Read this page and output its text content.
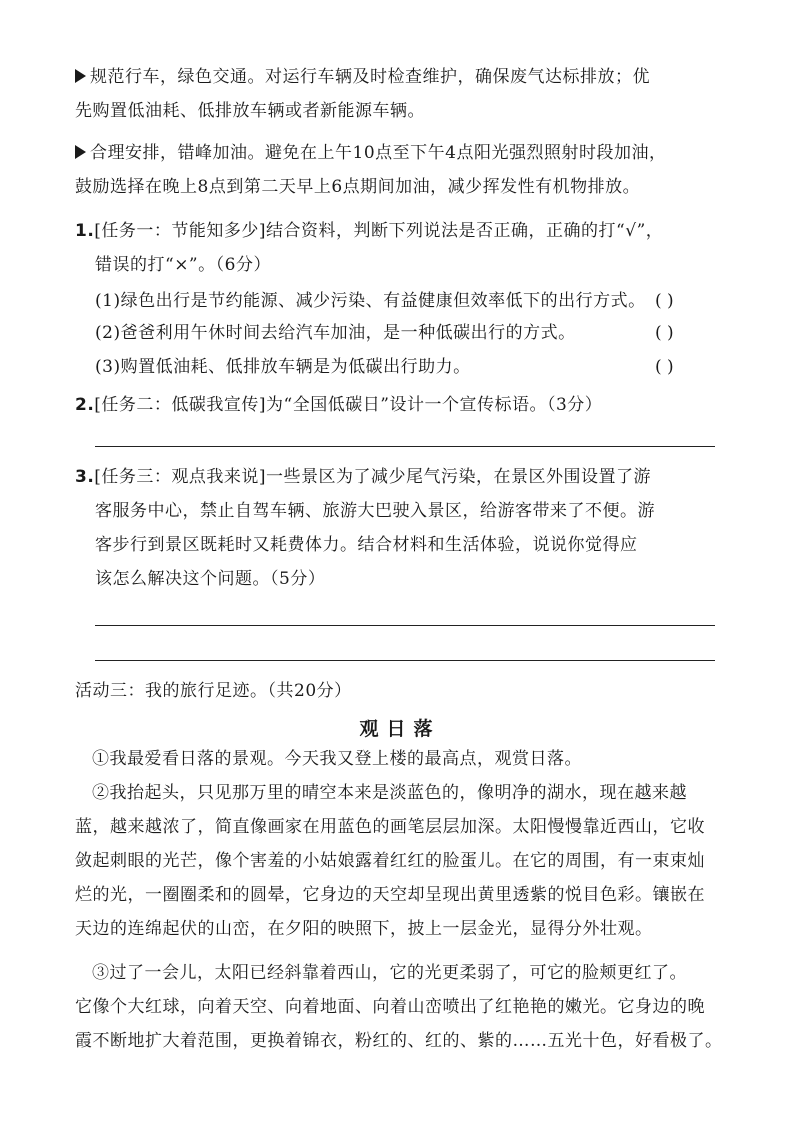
规范行车，绿色交通。对运行车辆及时检查维护，确保废气达标排放；优
先购置低油耗、低排放车辆或者新能源车辆。
合理安排，错峰加油。避免在上午10点至下午4点阳光强烈照射时段加油，
鼓励选择在晚上8点到第二天早上6点期间加油，减少挥发性有机物排放。
1.[任务一：节能知多少]结合资料，判断下列说法是否正确，正确的打“√”，
错误的打“×”。（6分）
(1)绿色出行是节约能源、减少污染、有益健康但效率低下的出行方式。 ( )
(2)爸爸利用午休时间去给汽车加油，是一种低碳出行的方式。	( )
(3)购置低油耗、低排放车辆是为低碳出行助力。	( )
2.[任务二：低碳我宣传]为“全国低碳日”设计一个宣传标语。（3分）
3.[任务三：观点我来说]一些景区为了减少尾气污染，在景区外围设置了游
客服务中心，禁止自驾车辆、旅游大巴驶入景区，给游客带来了不便。游
客步行到景区既耗时又耗费体力。结合材料和生活体验，说说你觉得应
该怎么解决这个问题。（5分）
活动三：我的旅行足迹。（共20分）
观日落
①我最爱看日落的景观。今天我又登上楼的最高点，观赏日落。
②我抬起头，只见那万里的晴空本来是淡蓝色的，像明净的湖水，现在越来越
蓝，越来越浓了，简直像画家在用蓝色的画笔层层加深。太阳慢慢靠近西山，它收
敛起刺眼的光芒，像个害羞的小姑娘露着红红的脸蛋儿。在它的周围，有一束束灿
烂的光，一圈圈柔和的圆晕，它身边的天空却呈现出黄里透紫的悦目色彩。镶嵌在
天边的连绵起伏的山峦，在夕阳的映照下，披上一层金光，显得分外壮观。
③过了一会儿，太阳已经斜靠着西山，它的光更柔弱了，可它的脸颊更红了。
它像个大红球，向着天空、向着地面、向着山峦喷出了红艳艳的嫩光。它身边的晚
霞不断地扩大着范围，更换着锦衣，粉红的、红的、紫的……五光十色，好看极了。
